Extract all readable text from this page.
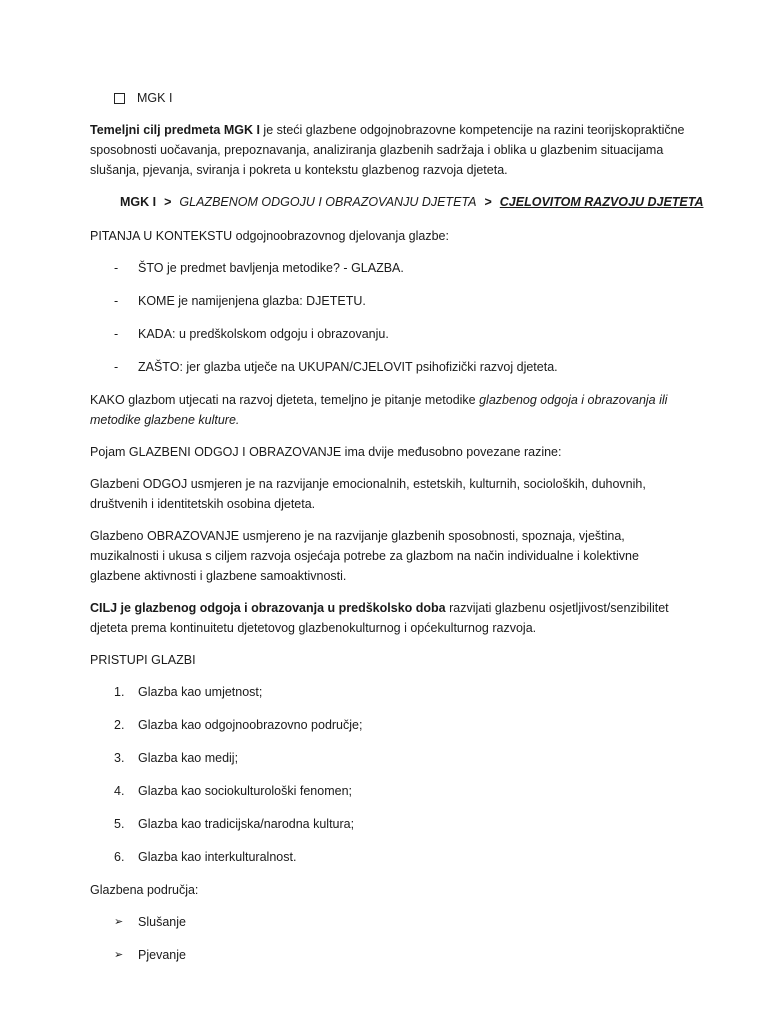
MGK I

Temeljni cilj predmeta MGK I je steći glazbene odgojnobrazovne kompetencije na razini teorijskopraktične sposobnosti uočavanja, prepoznavanja, analiziranja glazbenih sadržaja i oblika u glazbenim situacijama slušanja, pjevanja, sviranja i pokreta u kontekstu glazbenog razvoja djeteta.

MGK I > GLAZBENOM ODGOJU I OBRAZOVANJU DJETETA > CJELOVITOM RAZVOJU DJETETA

PITANJA U KONTEKSTU odgojnoobrazovnog djelovanja glazbe:

-	ŠTO je predmet bavljenja metodike? - GLAZBA.
-	KOME je namijenjena glazba: DJETETU.
-	KADA: u predškolskom odgoju i obrazovanju.
-	ZAŠTO: jer glazba utječe na UKUPAN/CJELOVIT psihofizički razvoj djeteta.

KAKO glazbom utjecati na razvoj djeteta, temeljno je pitanje metodike glazbenog odgoja i obrazovanja ili metodike glazbene kulture.

Pojam GLAZBENI ODGOJ I OBRAZOVANJE ima dvije međusobno povezane razine:

Glazbeni ODGOJ usmjeren je na razvijanje emocionalnih, estetskih, kulturnih, socioloških, duhovnih, društvenih i identitetskih osobina djeteta.

Glazbeno OBRAZOVANJE usmjereno je na razvijanje glazbenih sposobnosti, spoznaja, vještina, muzikalnosti i ukusa s ciljem razvoja osjećaja potrebe za glazbom na način individualne i kolektivne glazbene aktivnosti i glazbene samoaktivnosti.

CILJ je glazbenog odgoja i obrazovanja u predškolsko doba razvijati glazbenu osjetljivost/senzibilitet djeteta prema kontinuitetu djetetovog glazbenokulturnog i općekulturnog razvoja.

PRISTUPI GLAZBI

1.	Glazba kao umjetnost;
2.	Glazba kao odgojnoobrazovno područje;
3.	Glazba kao medij;
4.	Glazba kao sociokulturološki fenomen;
5.	Glazba kao tradicijska/narodna kultura;
6.	Glazba kao interkulturalnost.

Glazbena područja:

➢	Slušanje
➢	Pjevanje
